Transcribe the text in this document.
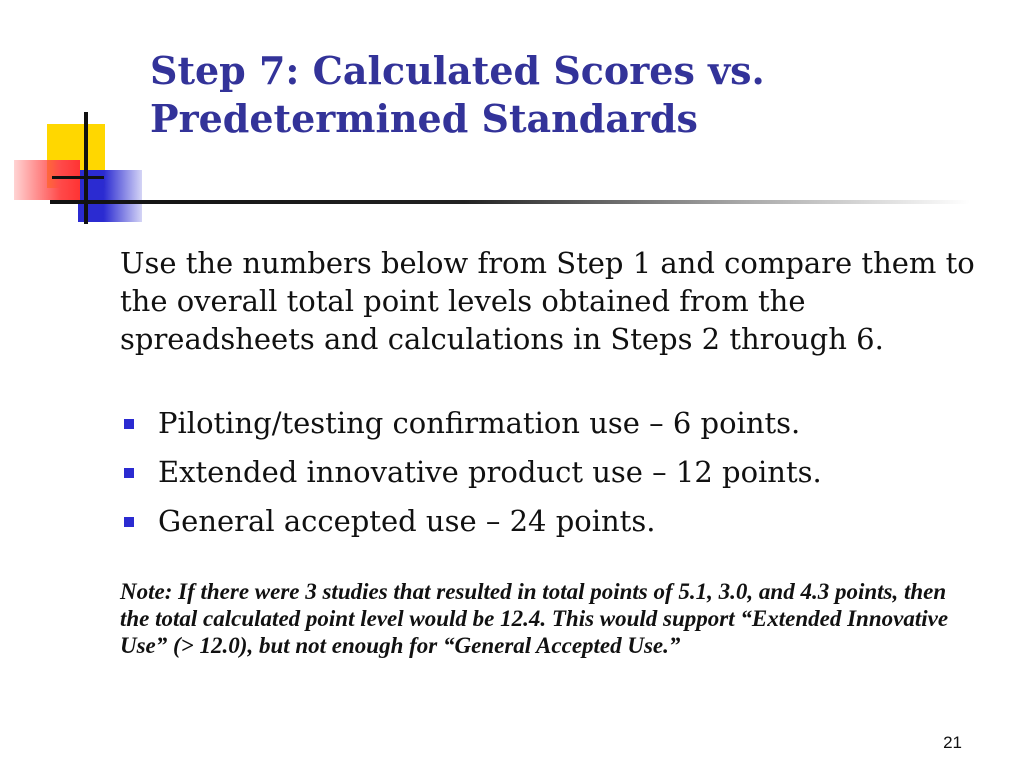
Step 7: Calculated Scores vs.
Predetermined Standards

Use the numbers below from Step 1 and compare them to the overall total point levels obtained from the spreadsheets and calculations in Steps 2 through 6.

Piloting/testing confirmation use – 6 points.
Extended innovative product use – 12 points.
General accepted use – 24 points.

Note: If there were 3 studies that resulted in total points of 5.1, 3.0, and 4.3 points, then the total calculated point level would be 12.4. This would support “Extended Innovative Use” (> 12.0), but not enough for “General Accepted Use.”

21
